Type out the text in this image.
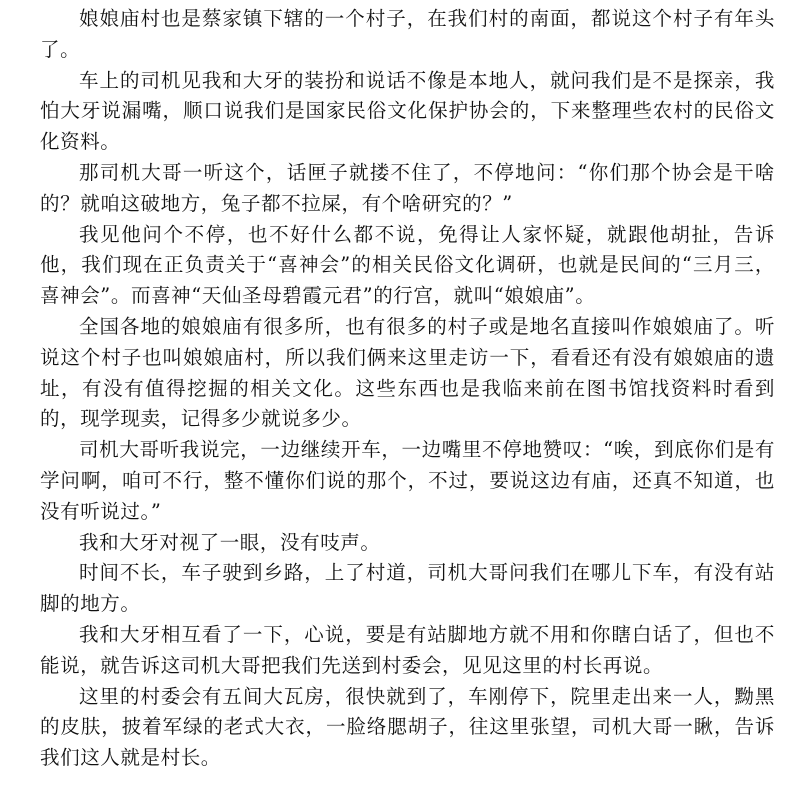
娘娘庙村也是蔡家镇下辖的一个村子，在我们村的南面，都说这个村子有年头了。

车上的司机见我和大牙的装扮和说话不像是本地人，就问我们是不是探亲，我怕大牙说漏嘴，顺口说我们是国家民俗文化保护协会的，下来整理些农村的民俗文化资料。

那司机大哥一听这个，话匣子就搂不住了，不停地问：“你们那个协会是干啥的？就咱这破地方，兔子都不拉屎，有个啥研究的？”

我见他问个不停，也不好什么都不说，免得让人家怀疑，就跟他胡扯，告诉他，我们现在正负责关于“喜神会”的相关民俗文化调研，也就是民间的“三月三，喜神会”。而喜神“天仙圣母碧霞元君”的行宫，就叫“娘娘庙”。

全国各地的娘娘庙有很多所，也有很多的村子或是地名直接叫作娘娘庙了。听说这个村子也叫娘娘庙村，所以我们俩来这里走访一下，看看还有没有娘娘庙的遗址，有没有值得挖掘的相关文化。这些东西也是我临来前在图书馆找资料时看到的，现学现卖，记得多少就说多少。

司机大哥听我说完，一边继续开车，一边嘴里不停地赞叹：“唉，到底你们是有学问啊，咱可不行，整不懂你们说的那个，不过，要说这边有庙，还真不知道，也没有听说过。”

我和大牙对视了一眼，没有吱声。

时间不长，车子驶到乡路，上了村道，司机大哥问我们在哪儿下车，有没有站脚的地方。

我和大牙相互看了一下，心说，要是有站脚地方就不用和你瞎白话了，但也不能说，就告诉这司机大哥把我们先送到村委会，见见这里的村长再说。

这里的村委会有五间大瓦房，很快就到了，车刚停下，院里走出来一人，黝黑的皮肤，披着军绿的老式大衣，一脸络腮胡子，往这里张望，司机大哥一瞅，告诉我们这人就是村长。
